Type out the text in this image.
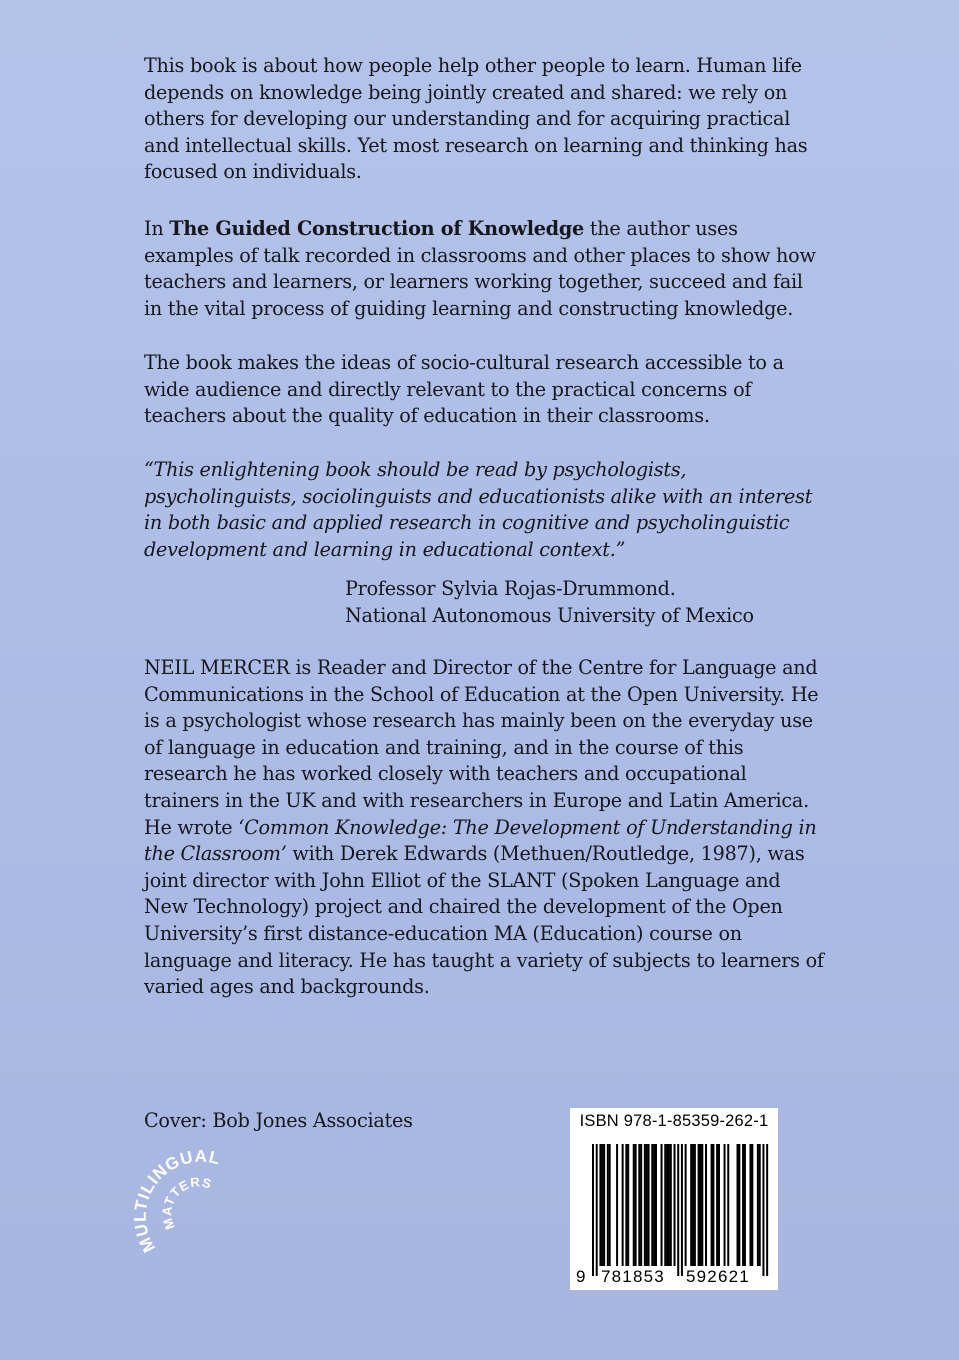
This book is about how people help other people to learn. Human life depends on knowledge being jointly created and shared: we rely on others for developing our understanding and for acquiring practical and intellectual skills. Yet most research on learning and thinking has focused on individuals.

In The Guided Construction of Knowledge the author uses examples of talk recorded in classrooms and other places to show how teachers and learners, or learners working together, succeed and fail in the vital process of guiding learning and constructing knowledge.

The book makes the ideas of socio-cultural research accessible to a wide audience and directly relevant to the practical concerns of teachers about the quality of education in their classrooms.

“This enlightening book should be read by psychologists, psycholinguists, sociolinguists and educationists alike with an interest in both basic and applied research in cognitive and psycholinguistic development and learning in educational context.”

Professor Sylvia Rojas-Drummond.

National Autonomous University of Mexico

NEIL MERCER is Reader and Director of the Centre for Language and Communications in the School of Education at the Open University. He is a psychologist whose research has mainly been on the everyday use of language in education and training, and in the course of this research he has worked closely with teachers and occupational trainers in the UK and with researchers in Europe and Latin America. He wrote ‘Common Knowledge: The Development of Understanding in the Classroom’ with Derek Edwards (Methuen/Routledge, 1987), was joint director with John Elliot of the SLANT (Spoken Language and New Technology) project and chaired the development of the Open University’s first distance-education MA (Education) course on language and literacy. He has taught a variety of subjects to learners of varied ages and backgrounds.

Cover: Bob Jones Associates
MULTILINGUAL
MATTERS
ISBN 978-1-85359-262-1
9 781853 592621
